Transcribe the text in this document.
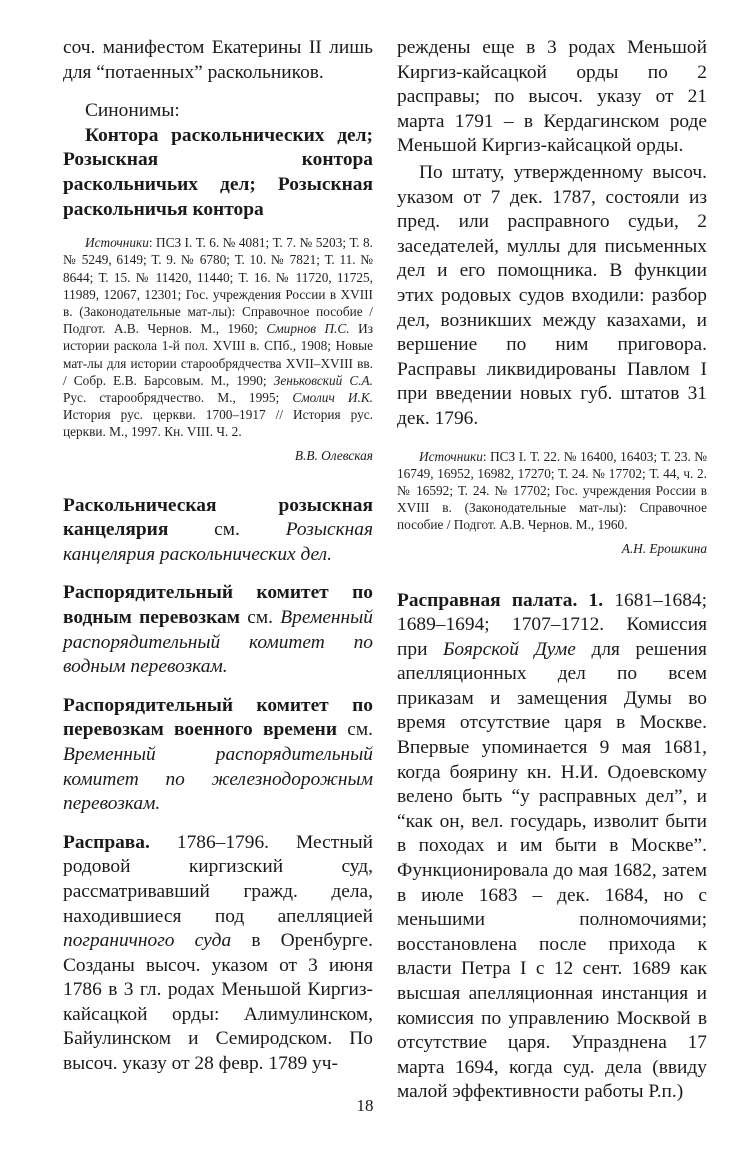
соч. манифестом Екатерины II лишь для “потаенных” раскольников.

Синонимы:

Контора раскольнических дел; Розыскная контора раскольничьих дел; Розыскная раскольничья контора

Источники: ПСЗ I. Т. 6. № 4081; Т. 7. № 5203; Т. 8. № 5249, 6149; Т. 9. № 6780; Т. 10. № 7821; Т. 11. № 8644; Т. 15. № 11420, 11440; Т. 16. № 11720, 11725, 11989, 12067, 12301; Гос. учреждения России в XVIII в. (Законодательные мат-лы): Справочное пособие / Подгот. А.В. Чернов. М., 1960; Смирнов П.С. Из истории раскола 1-й пол. XVIII в. СПб., 1908; Новые мат-лы для истории старообрядчества XVII–XVIII вв. / Собр. Е.В. Барсовым. М., 1990; Зеньковский С.А. Рус. старообрядчество. М., 1995; Смолич И.К. История рус. церкви. 1700–1917 // История рус. церкви. М., 1997. Кн. VIII. Ч. 2.

В.В. Олевская

Раскольническая розыскная канцелярия см. Розыскная канцелярия раскольнических дел.

Распорядительный комитет по водным перевозкам см. Временный распорядительный комитет по водным перевозкам.

Распорядительный комитет по перевозкам военного времени см. Временный распорядительный комитет по железнодорожным перевозкам.

Расправа. 1786–1796. Местный родовой киргизский суд, рассматривавший гражд. дела, находившиеся под апелляцией пограничного суда в Оренбурге. Созданы высоч. указом от 3 июня 1786 в 3 гл. родах Меньшой Киргиз-кайсацкой орды: Алимулинском, Байулинском и Семиродском. По высоч. указу от 28 февр. 1789 уч-

реждены еще в 3 родах Меньшой Киргиз-кайсацкой орды по 2 расправы; по высоч. указу от 21 марта 1791 – в Кердагинском роде Меньшой Киргиз-кайсацкой орды.

По штату, утвержденному высоч. указом от 7 дек. 1787, состояли из пред. или расправного судьи, 2 заседателей, муллы для письменных дел и его помощника. В функции этих родовых судов входили: разбор дел, возникших между казахами, и вершение по ним приговора. Расправы ликвидированы Павлом I при введении новых губ. штатов 31 дек. 1796.

Источники: ПСЗ I. Т. 22. № 16400, 16403; Т. 23. № 16749, 16952, 16982, 17270; Т. 24. № 17702; Т. 44, ч. 2. № 16592; Т. 24. № 17702; Гос. учреждения России в XVIII в. (Законодательные мат-лы): Справочное пособие / Подгот. А.В. Чернов. М., 1960.

А.Н. Ерошкина

Расправная палата. 1. 1681–1684; 1689–1694; 1707–1712. Комиссия при Боярской Думе для решения апелляционных дел по всем приказам и замещения Думы во время отсутствие царя в Москве. Впервые упоминается 9 мая 1681, когда боярину кн. Н.И. Одоевскому велено быть “у расправных дел”, и “как он, вел. государь, изволит быти в походах и им быти в Москве”. Функционировала до мая 1682, затем в июле 1683 – дек. 1684, но с меньшими полномочиями; восстановлена после прихода к власти Петра I с 12 сент. 1689 как высшая апелляционная инстанция и комиссия по управлению Москвой в отсутствие царя. Упразднена 17 марта 1694, когда суд. дела (ввиду малой эффективности работы Р.п.)

18
